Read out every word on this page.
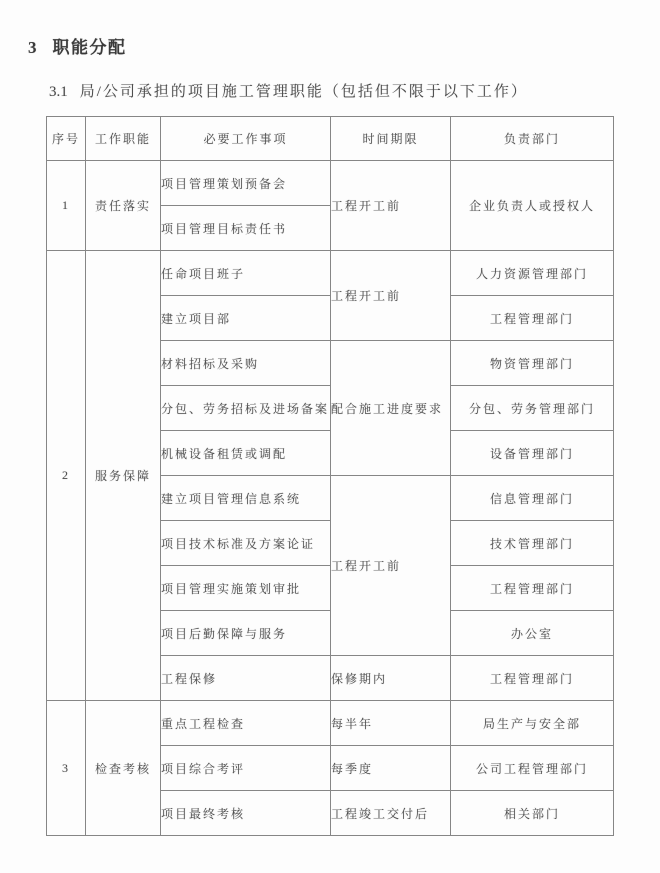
3 职能分配
3.1 局/公司承担的项目施工管理职能（包括但不限于以下工作）
序号	工作职能	必要工作事项	时间期限	负责部门
1	责任落实	项目管理策划预备会	工程开工前	企业负责人或授权人
		项目管理目标责任书		
2	服务保障	任命项目班子	工程开工前	人力资源管理部门
		建立项目部		工程管理部门
		材料招标及采购	配合施工进度要求	物资管理部门
		分包、劳务招标及进场备案		分包、劳务管理部门
		机械设备租赁或调配		设备管理部门
		建立项目管理信息系统	工程开工前	信息管理部门
		项目技术标准及方案论证		技术管理部门
		项目管理实施策划审批		工程管理部门
		项目后勤保障与服务		办公室
		工程保修	保修期内	工程管理部门
3	检查考核	重点工程检查	每半年	局生产与安全部
		项目综合考评	每季度	公司工程管理部门
		项目最终考核	工程竣工交付后	相关部门
